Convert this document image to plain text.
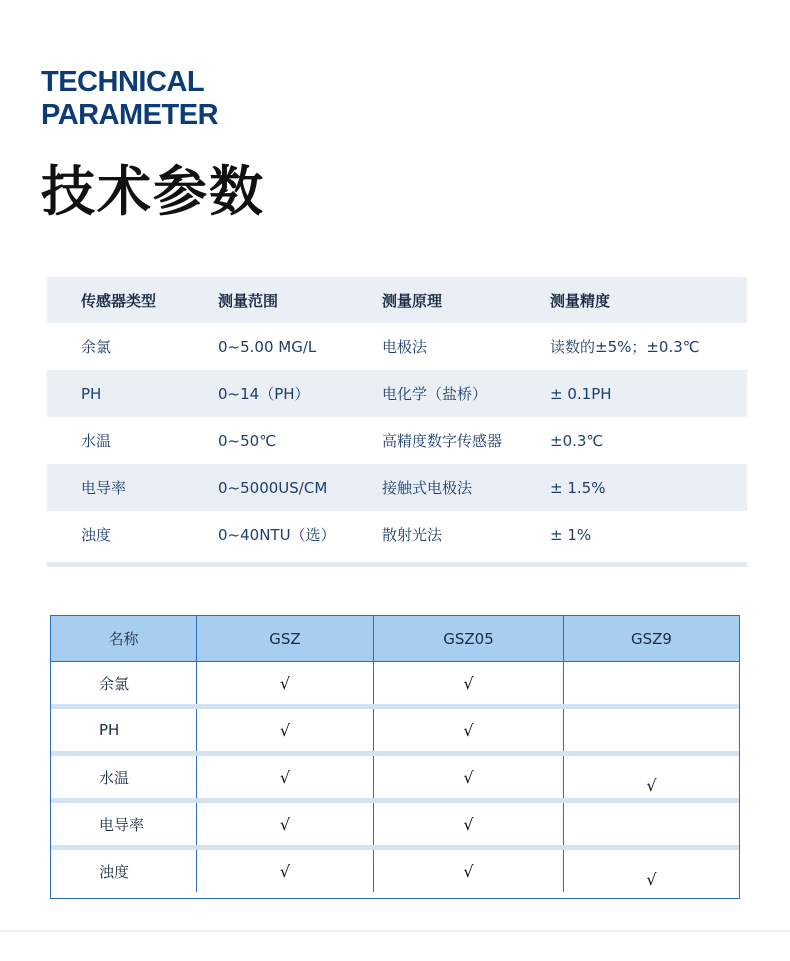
TECHNICAL
PARAMETER
技术参数
传感器类型	测量范围	测量原理	测量精度
余氯	0~5.00 MG/L	电极法	读数的±5%；±0.3℃
PH	0~14（PH）	电化学（盐桥）	± 0.1PH
水温	0~50℃	高精度数字传感器	±0.3℃
电导率	0~5000US/CM	接触式电极法	± 1.5%
浊度	0~40NTU（选）	散射光法	± 1%
名称	GSZ	GSZ05	GSZ9
余氯	√	√
PH	√	√
水温	√	√	√
电导率	√	√
浊度	√	√	√
